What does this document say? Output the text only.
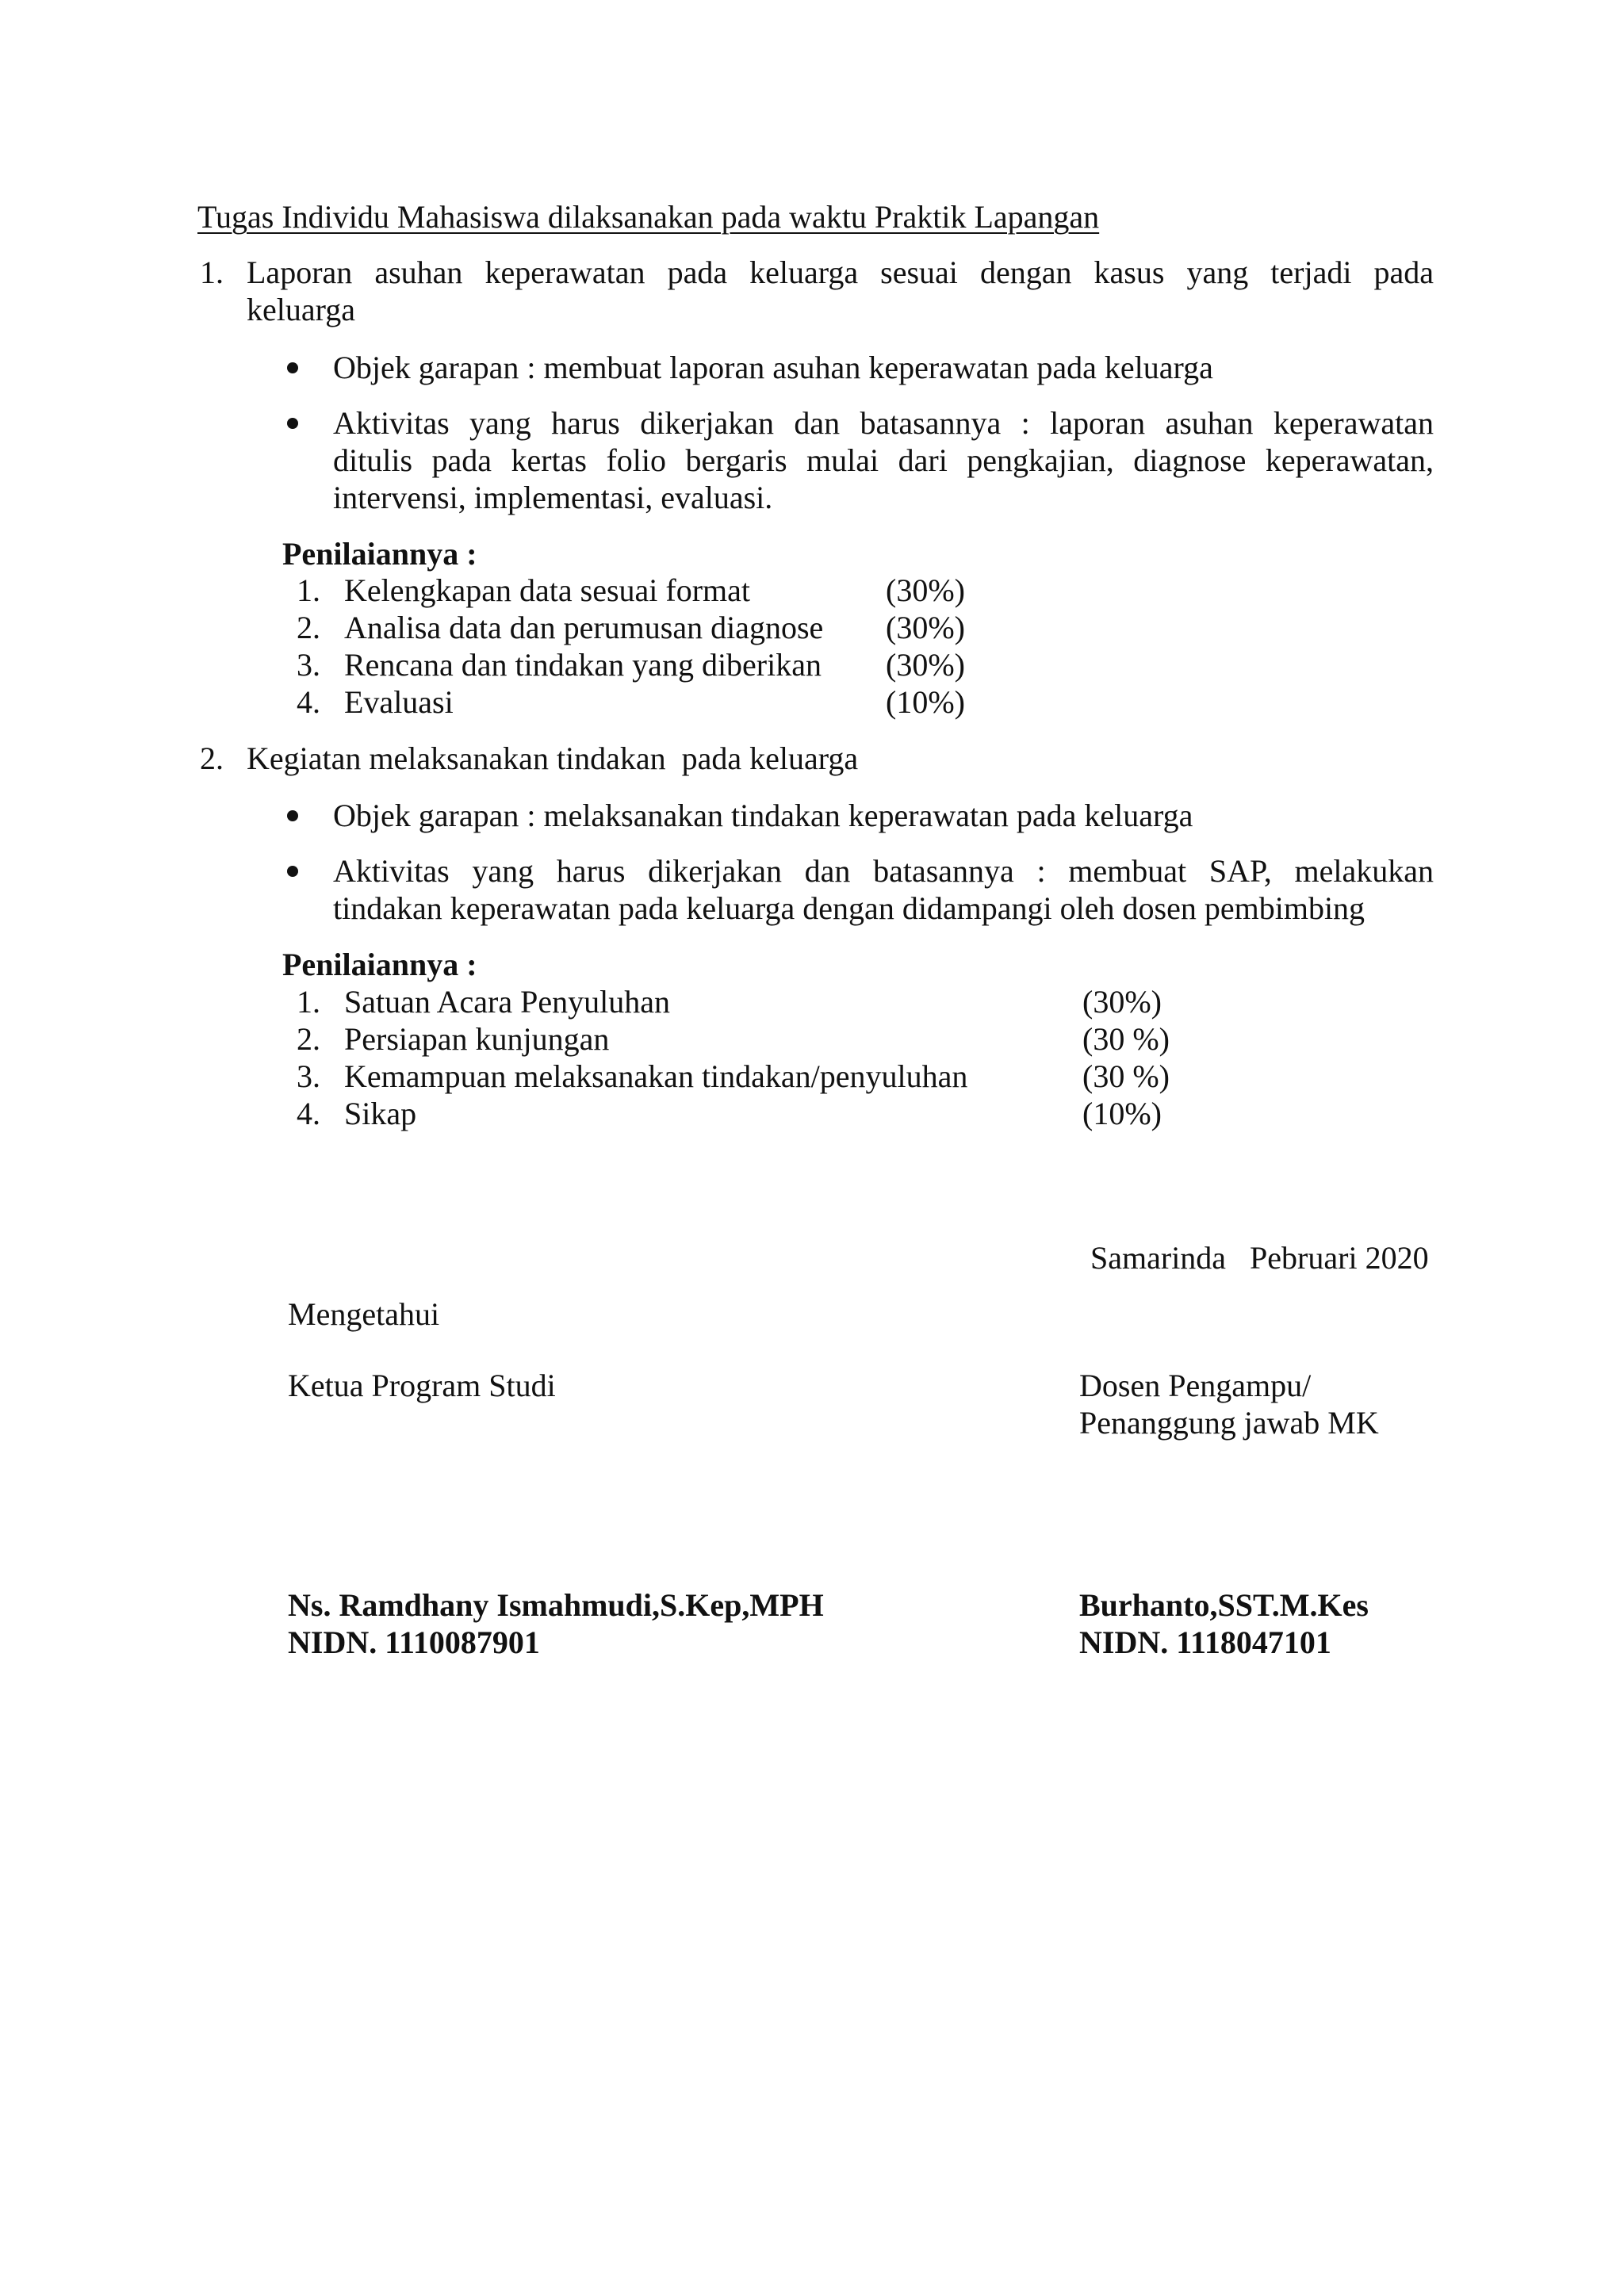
Tugas Individu Mahasiswa dilaksanakan pada waktu Praktik Lapangan
1. Laporan asuhan keperawatan pada keluarga sesuai dengan kasus yang terjadi pada
keluarga
Objek garapan : membuat laporan asuhan keperawatan pada keluarga
Aktivitas yang harus dikerjakan dan batasannya : laporan asuhan keperawatan
ditulis pada kertas folio bergaris mulai dari pengkajian, diagnose keperawatan,
intervensi, implementasi, evaluasi.
Penilaiannya :
1. Kelengkapan data sesuai format	(30%)
2. Analisa data dan perumusan diagnose (30%)
3. Rencana dan tindakan yang diberikan (30%)
4. Evaluasi	(10%)
2. Kegiatan melaksanakan tindakan  pada keluarga
Objek garapan : melaksanakan tindakan keperawatan pada keluarga
Aktivitas yang harus dikerjakan dan batasannya : membuat SAP, melakukan
tindakan keperawatan pada keluarga dengan didampangi oleh dosen pembimbing
Penilaiannya :
1. Satuan Acara Penyuluhan	(30%)
2. Persiapan kunjungan	(30 %)
3. Kemampuan melaksanakan tindakan/penyuluhan	(30 %)
4. Sikap	(10%)
Samarinda   Pebruari 2020
Mengetahui
Ketua Program Studi	Dosen Pengampu/
Penanggung jawab MK
Ns. Ramdhany Ismahmudi,S.Kep,MPH
NIDN. 1110087901
Burhanto,SST.M.Kes
NIDN. 1118047101
